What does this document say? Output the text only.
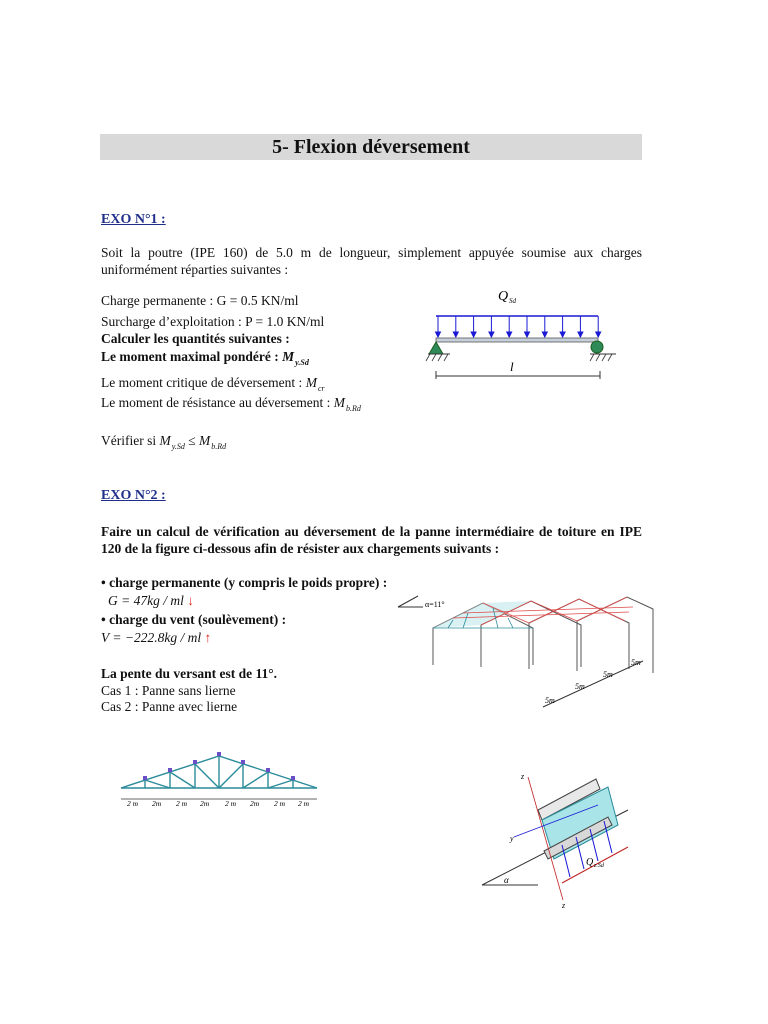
5- Flexion déversement
EXO N°1 :
Soit la poutre (IPE 160) de 5.0 m de longueur, simplement appuyée soumise aux charges
uniformément réparties suivantes :
Charge permanente : G = 0.5 KN/ml
Surcharge d’exploitation : P = 1.0 KN/ml
Calculer les quantités suivantes :
Le moment maximal pondéré : $M_{y.Sd}$
Le moment critique de déversement : $M_{cr}$
Le moment de résistance au déversement : $M_{b.Rd}$
Vérifier si $M_{y.Sd} \le M_{b.Rd}$
Q Sd
l
EXO N°2 :
Faire un calcul de vérification au déversement de la panne intermédiaire de toiture en IPE
120 de la figure ci-dessous afin de résister aux chargements suivants :
• charge permanente (y compris le poids propre) :
G = 47kg / ml ↓
• charge du vent (soulèvement) :
V = −222.8kg / ml ↑
La pente du versant est de 11°.
Cas 1 : Panne sans lierne
Cas 2 : Panne avec lierne
α=11°
5m
5m
5m
5m
2 m 2m 2 m 2m 2 m 2m 2 m 2 m
α
z
y
z
Q z.Sd
